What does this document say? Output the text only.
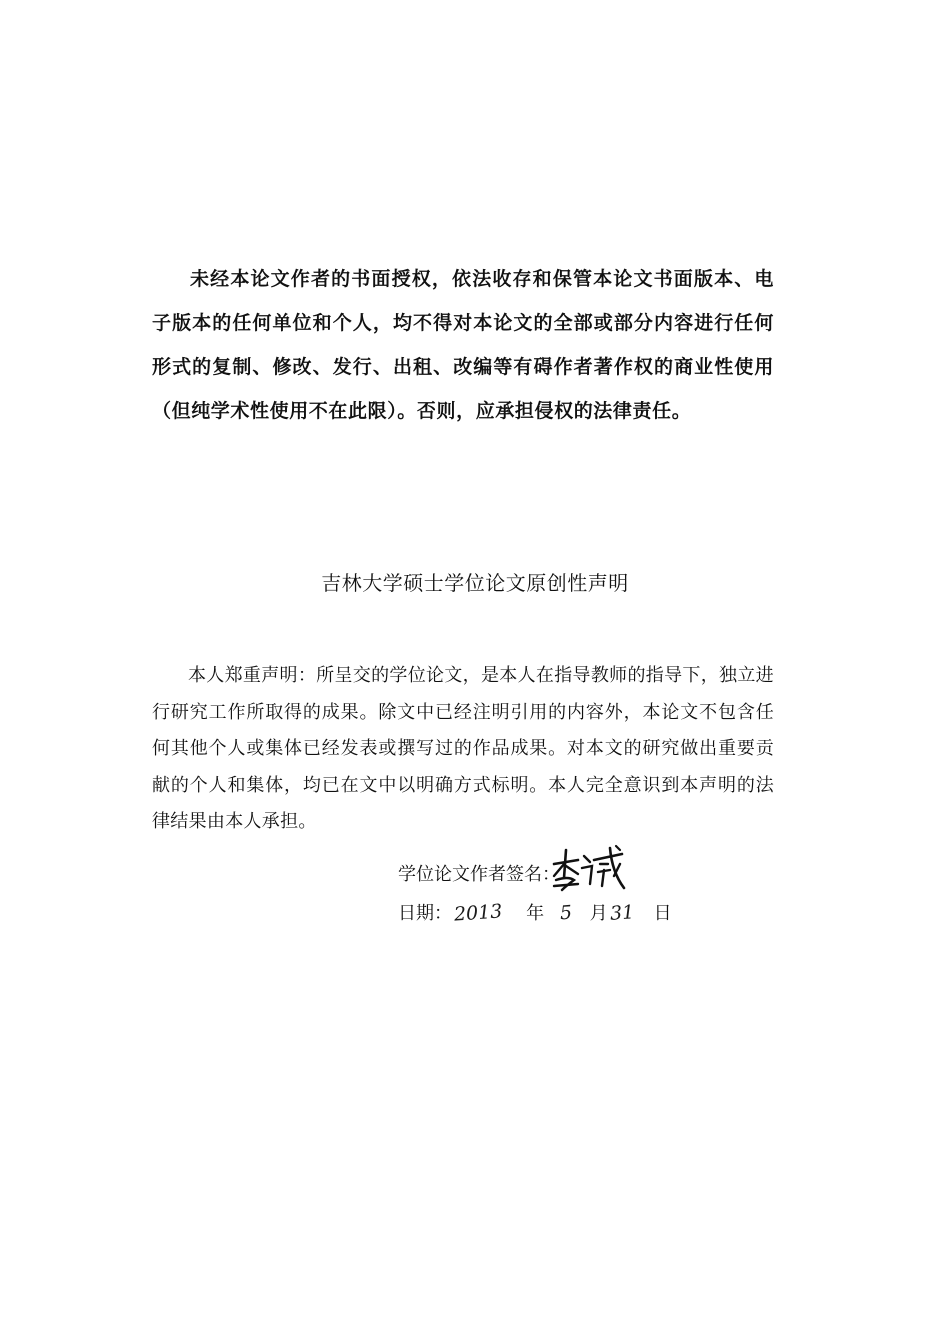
未经本论文作者的书面授权，依法收存和保管本论文书面版本、电子版本的任何单位和个人，均不得对本论文的全部或部分内容进行任何形式的复制、修改、发行、出租、改编等有碍作者著作权的商业性使用（但纯学术性使用不在此限）。否则，应承担侵权的法律责任。

吉林大学硕士学位论文原创性声明

本人郑重声明：所呈交的学位论文，是本人在指导教师的指导下，独立进行研究工作所取得的成果。除文中已经注明引用的内容外，本论文不包含任何其他个人或集体已经发表或撰写过的作品成果。对本文的研究做出重要贡献的个人和集体，均已在文中以明确方式标明。本人完全意识到本声明的法律结果由本人承担。

学位论文作者签名：
日期：2013 年 5 月31 日
